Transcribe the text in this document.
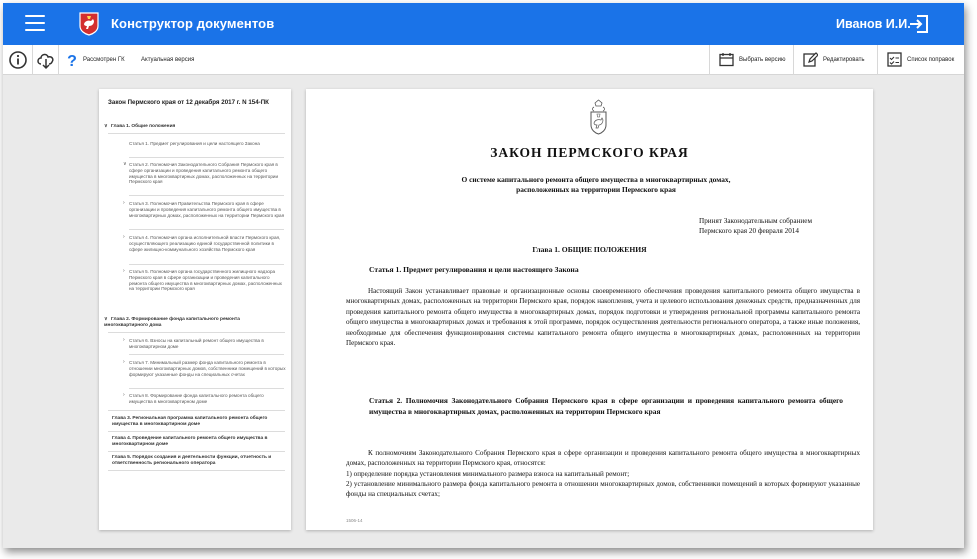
Конструктор документов	Иванов И.И.
? Рассмотрен ГК	Актуальная версия	Выбрать версию	Редактировать	Список поправок
Закон Пермского края от 12 декабря 2017 г. N 154-ПК
∨ Глава 1. Общие положения
Статья 1. Предмет регулирования и цели настоящего Закона
∨ Статья 2. Полномочия Законодательного Собрания Пермского края в сфере организации и проведения капитального ремонта общего имущества в многоквартирных домах, расположенных на территории Пермского края
› Статья 3. Полномочия Правительства Пермского края в сфере организации и проведения капитального ремонта общего имущества в многоквартирных домах, расположенных на территории Пермского края
› Статья 4. Полномочия органа исполнительной власти Пермского края, осуществляющего реализацию единой государственной политики в сфере жилищно-коммунального хозяйства Пермского края
› Статья 5. Полномочия органа государственного жилищного надзора Пермского края в сфере организации и проведения капитального ремонта общего имущества в многоквартирных домах, расположенных на территории Пермского края
∨ Глава 2. Формирование фонда капитального ремонта многоквартирного дома
› Статья 6. Взносы на капитальный ремонт общего имущества в многоквартирном доме
› Статья 7. Минимальный размер фонда капитального ремонта в отношении многоквартирных домов, собственники помещений в которых формируют указанные фонды на специальных счетах
› Статья 8. Формирование фонда капитального ремонта общего имущества в многоквартирном доме
Глава 3. Региональная программа капитального ремонта общего имущества в многоквартирном доме
Глава 4. Проведение капитального ремонта общего имущества в многоквартирном доме
Глава 5. Порядок создания и деятельности функции, отчетность и ответственность регионального оператора
ЗАКОН ПЕРМСКОГО КРАЯ
О системе капитального ремонта общего имущества в многоквартирных домах, расположенных на территории Пермского края
Принят Законодательным собранием
Пермского края 20 февраля 2014
Глава 1. ОБЩИЕ ПОЛОЖЕНИЯ
Статья 1. Предмет регулирования и цели настоящего Закона
Настоящий Закон устанавливает правовые и организационные основы своевременного обеспечения проведения капитального ремонта общего имущества в многоквартирных домах, расположенных на территории Пермского края, порядок накопления, учета и целевого использования денежных средств, предназначенных для проведения капитального ремонта общего имущества в многоквартирных домах, порядок подготовки и утверждения региональной программы капитального ремонта общего имущества в многоквартирных домах и требования к этой программе, порядок осуществления деятельности регионального оператора, а также иные положения, необходимые для обеспечения функционирования системы капитального ремонта общего имущества в многоквартирных домах, расположенных на территории Пермского края.
Статья 2. Полномочия Законодательного Собрания Пермского края в сфере организации и проведения капитального ремонта общего имущества в многоквартирных домах, расположенных на территории Пермского края
К полномочиям Законодательного Собрания Пермского края в сфере организации и проведения капитального ремонта общего имущества в многоквартирных домах, расположенных на территории Пермского края, относятся:
1) определение порядка установления минимального размера взноса на капитальный ремонт;
2) установление минимального размера фонда капитального ремонта в отношении многоквартирных домов, собственники помещений в которых формируют указанные фонды на специальных счетах;
1506-14
